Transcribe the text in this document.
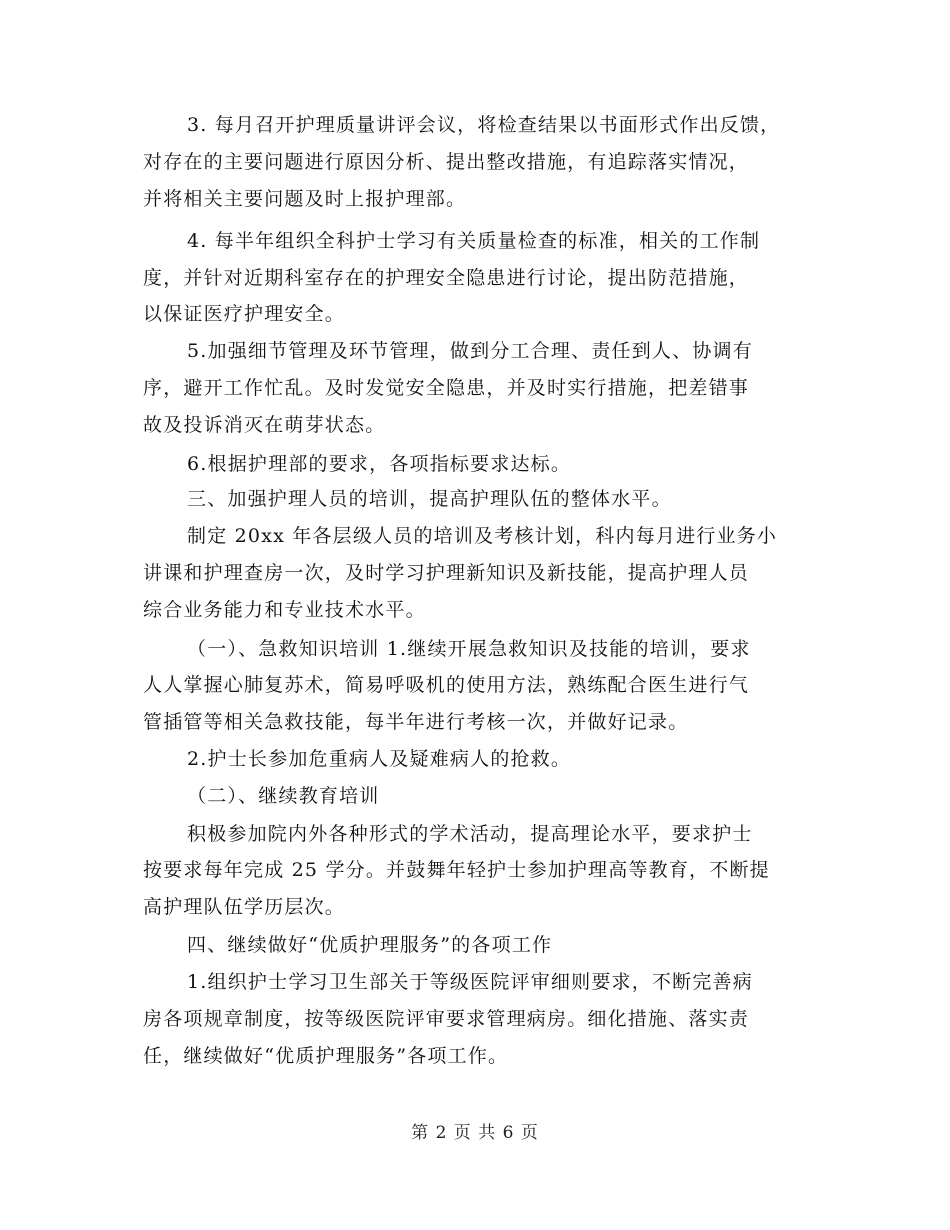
3. 每月召开护理质量讲评会议，将检查结果以书面形式作出反馈，
对存在的主要问题进行原因分析、提出整改措施，有追踪落实情况，
并将相关主要问题及时上报护理部。
4. 每半年组织全科护士学习有关质量检查的标准，相关的工作制
度，并针对近期科室存在的护理安全隐患进行讨论，提出防范措施，
以保证医疗护理安全。
5.加强细节管理及环节管理，做到分工合理、责任到人、协调有
序，避开工作忙乱。及时发觉安全隐患，并及时实行措施，把差错事
故及投诉消灭在萌芽状态。
6.根据护理部的要求，各项指标要求达标。
三、加强护理人员的培训，提高护理队伍的整体水平。
制定 20xx 年各层级人员的培训及考核计划，科内每月进行业务小
讲课和护理查房一次，及时学习护理新知识及新技能，提高护理人员
综合业务能力和专业技术水平。
（一）、急救知识培训 1.继续开展急救知识及技能的培训，要求
人人掌握心肺复苏术，简易呼吸机的使用方法，熟练配合医生进行气
管插管等相关急救技能，每半年进行考核一次，并做好记录。
2.护士长参加危重病人及疑难病人的抢救。
（二）、继续教育培训
积极参加院内外各种形式的学术活动，提高理论水平，要求护士
按要求每年完成 25 学分。并鼓舞年轻护士参加护理高等教育，不断提
高护理队伍学历层次。
四、继续做好“优质护理服务”的各项工作
1.组织护士学习卫生部关于等级医院评审细则要求，不断完善病
房各项规章制度，按等级医院评审要求管理病房。细化措施、落实责
任，继续做好“优质护理服务”各项工作。
第 2 页 共 6 页
